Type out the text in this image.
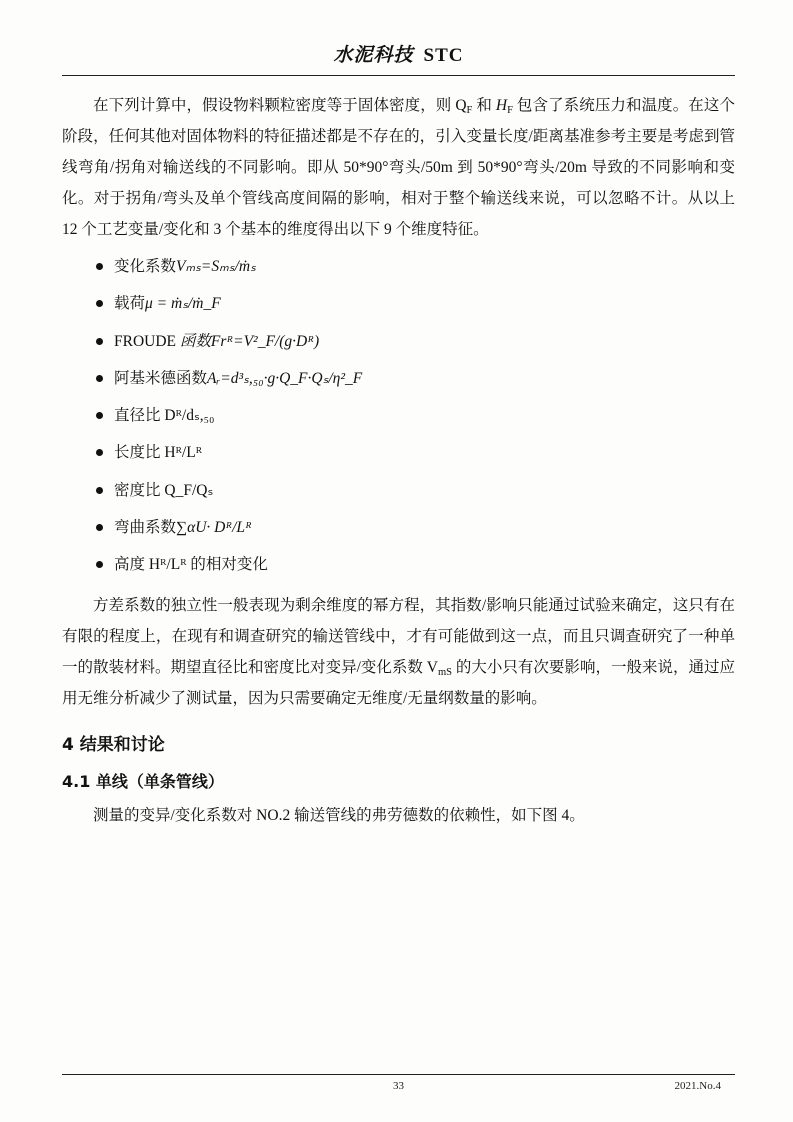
水泥科技 STC

在下列计算中，假设物料颗粒密度等于固体密度，则 $Q_F$ 和 $H_F$ 包含了系统压力和温度。在这个阶段，任何其他对固体物料的特征描述都是不存在的，引入变量长度/距离基准参考主要是考虑到管线弯角/拐角对输送线的不同影响。即从 50*90°弯头/50m 到 50*90°弯头/20m 导致的不同影响和变化。对于拐角/弯头及单个管线高度间隔的影响，相对于整个输送线来说，可以忽略不计。从以上 12 个工艺变量/变化和 3 个基本的维度得出以下 9 个维度特征。

变化系数Vₘₛ=Sₘₛ/ṁₛ
载荷μ = ṁₛ/ṁ_F
FROUDE 函数Frᴿ=V²_F/(g·Dᴿ)
阿基米德函数Aᵣ=d³ₛ,₅₀·g·Q_F·Qₛ/η²_F
直径比 Dᴿ/dₛ,₅₀
长度比 Hᴿ/Lᴿ
密度比 Q_F/Qₛ
弯曲系数∑αU· Dᴿ/Lᴿ
高度 Hᴿ/Lᴿ 的相对变化

方差系数的独立性一般表现为剩余维度的幂方程，其指数/影响只能通过试验来确定，这只有在有限的程度上，在现有和调查研究的输送管线中，才有可能做到这一点，而且只调查研究了一种单一的散装材料。期望直径比和密度比对变异/变化系数 $V_{mS}$ 的大小只有次要影响，一般来说，通过应用无维分析减少了测试量，因为只需要确定无维度/无量纲数量的影响。

4 结果和讨论
4.1 单线（单条管线）

测量的变异/变化系数对 NO.2 输送管线的弗劳德数的依赖性，如下图 4。

33	2021.No.4
